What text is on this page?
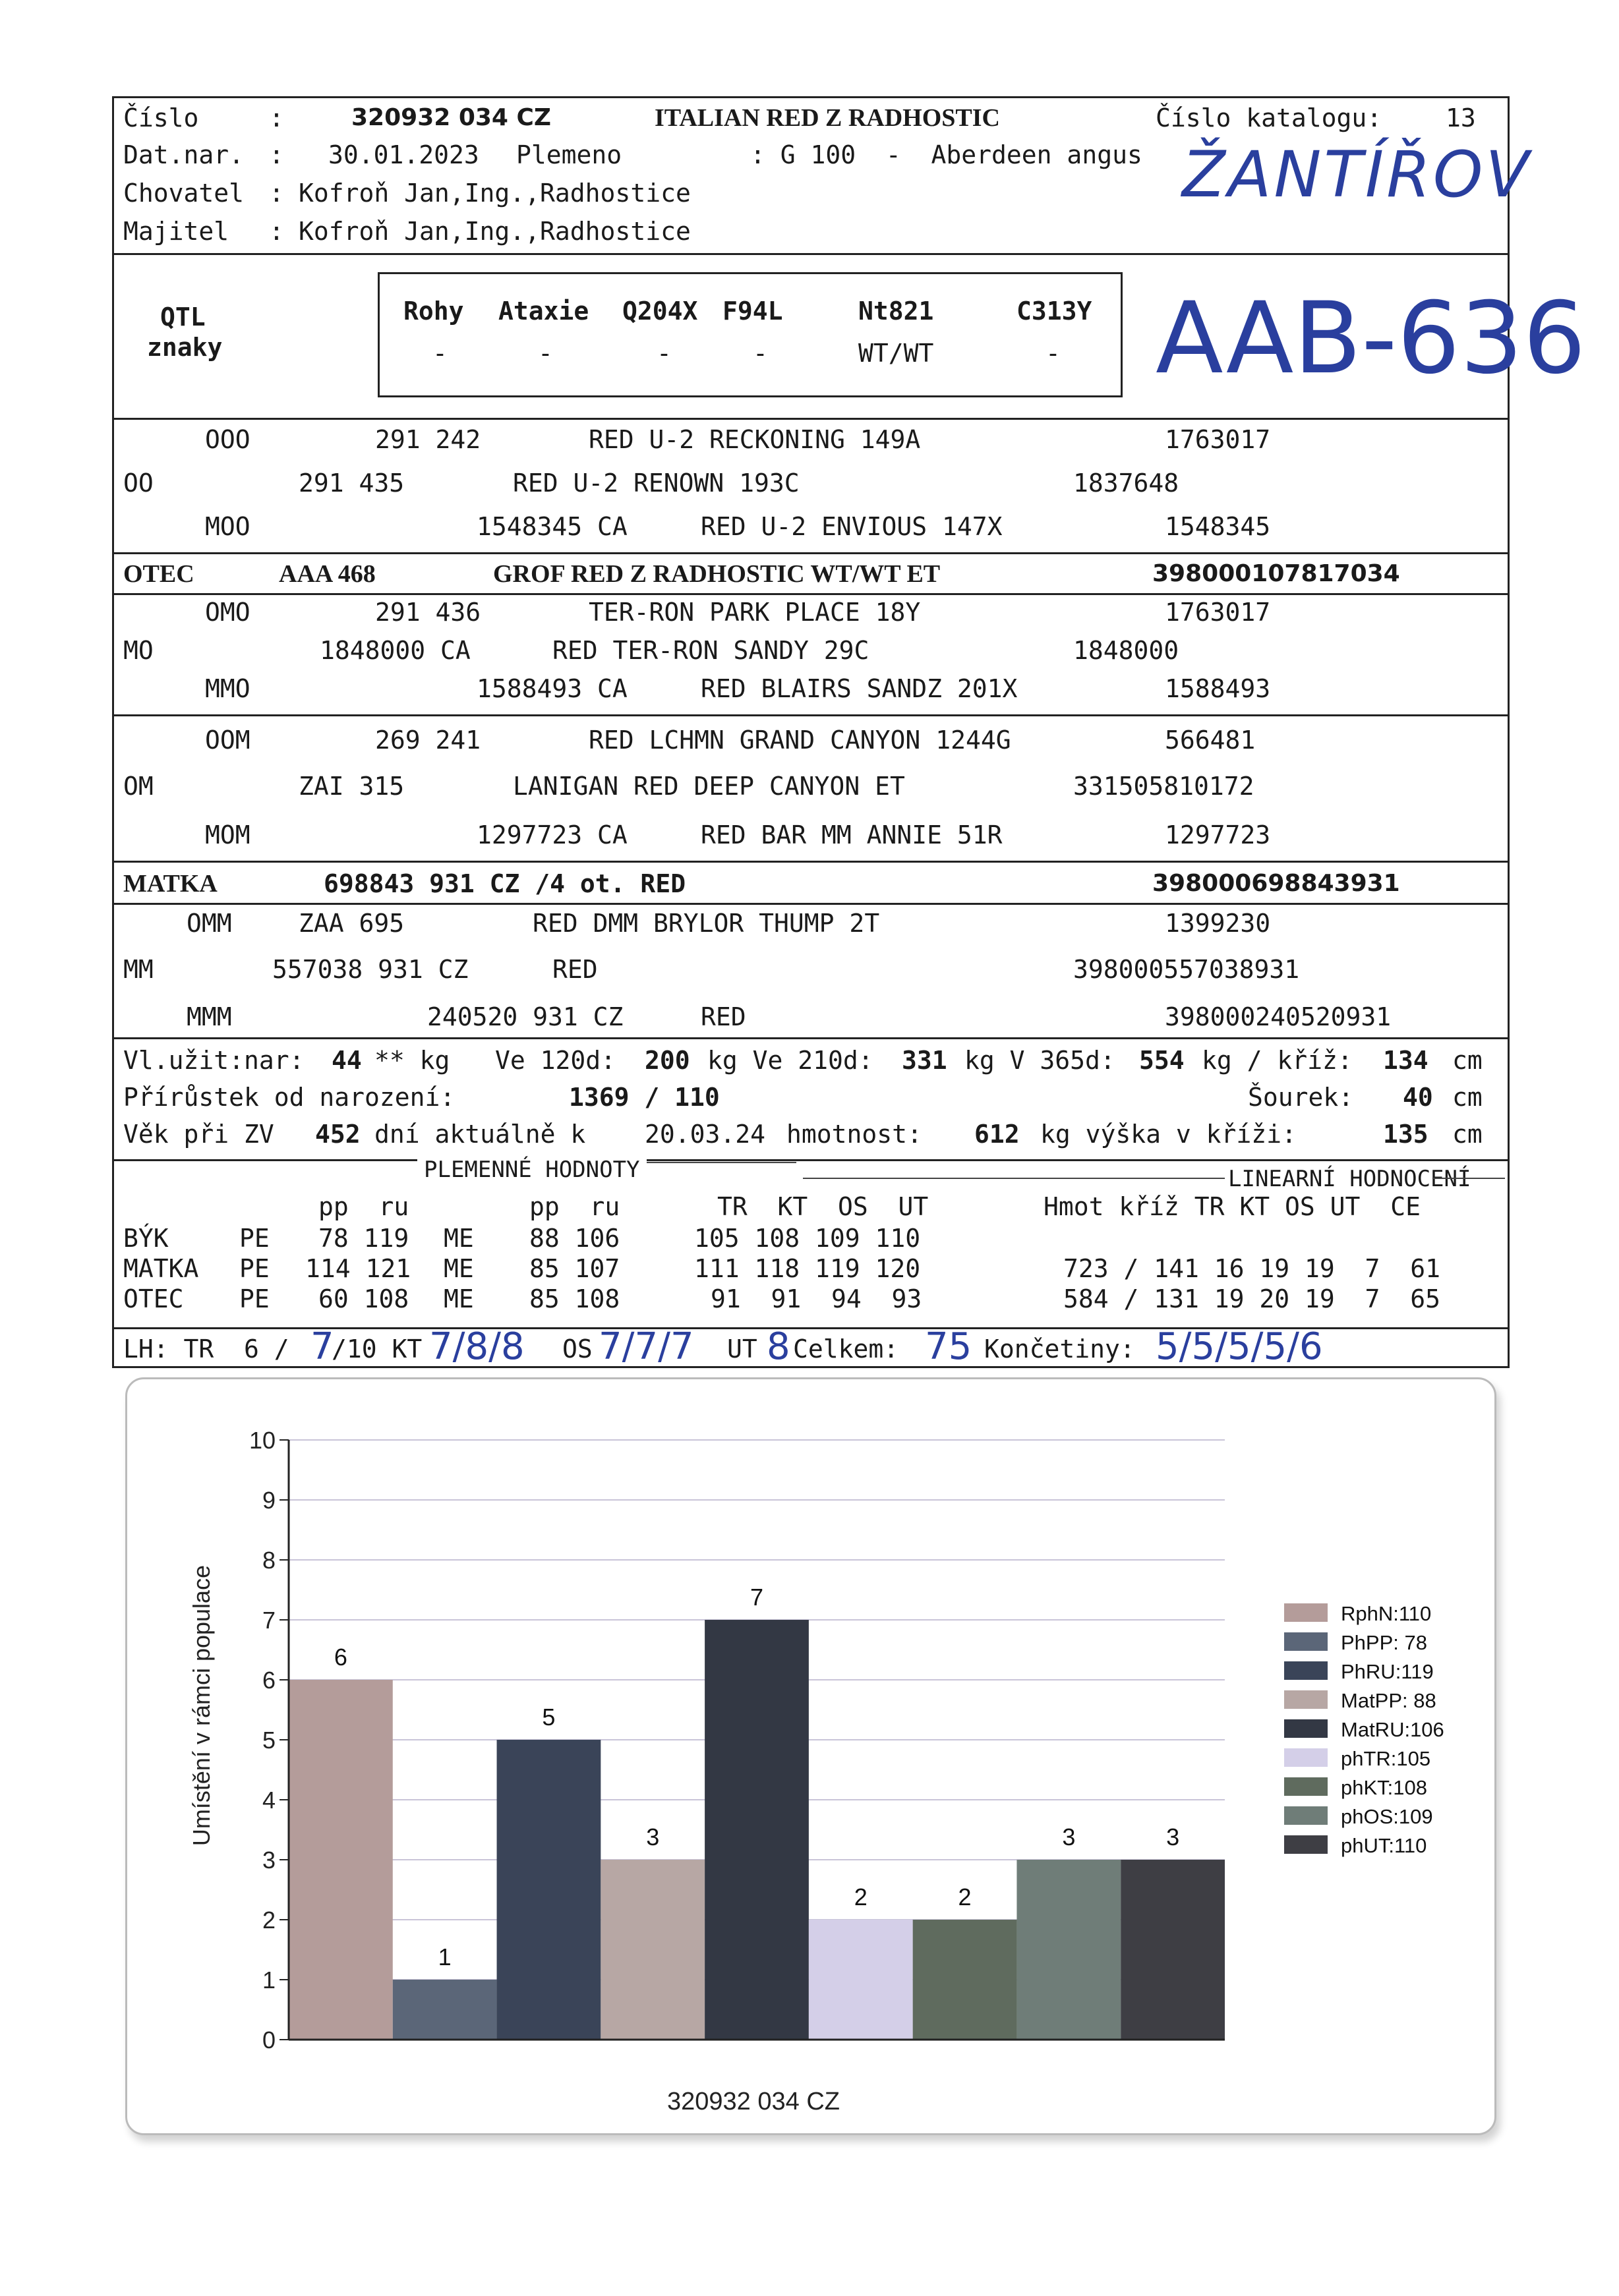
Číslo	:	320932 034 CZ	ITALIAN RED Z RADHOSTIC	Číslo katalogu:	13
Dat.nar. : 30.01.2023 Plemeno	: G 100  -  Aberdeen angus
Chovatel : Kofroň Jan,Ing.,Radhostice
Majitel : Kofroň Jan,Ing.,Radhostice
ŽANTÍŘOV
QTL
znaky
Rohy Ataxie Q204X F94L	Nt821	C313Y
-	-	-	-	WT/WT	- AAB-636
OOO	291 242	RED U-2 RECKONING 149A	1763017
OO	291 435	RED U-2 RENOWN 193C	1837648
MOO	1548345 CA	RED U-2 ENVIOUS 147X	1548345
OTEC	AAA 468	GROF RED Z RADHOSTIC WT/WT ET	398000107817034
OMO	291 436	TER-RON PARK PLACE 18Y	1763017
MO	1848000 CA	RED TER-RON SANDY 29C	1848000
MMO	1588493 CA	RED BLAIRS SANDZ 201X	1588493
OOM	269 241	RED LCHMN GRAND CANYON 1244G	566481
OM	ZAI 315	LANIGAN RED DEEP CANYON ET	331505810172
MOM	1297723 CA	RED BAR MM ANNIE 51R	1297723
MATKA	698843 931 CZ /4 ot. RED	398000698843931
OMM	ZAA 695	RED DMM BRYLOR THUMP 2T	1399230
MM	557038 931 CZ	RED	398000557038931
MMM	240520 931 CZ	RED	398000240520931
Vl.užit:nar: 44 ** kg   Ve 120d: 200 kg Ve 210d: 331 kg V 365d: 554 kg / kříž: 134 cm
Přírůstek od narození:	1369 / 110	Šourek: 40 cm
Věk při ZV 452 dní aktuálně k 20.03.24 hmotnost: 612 kg výška v kříži:	135 cm
PLEMENNÉ HODNOTY	LINEARNÍ HODNOCENÍ
pp  ru	pp  ru	TR  KT  OS  UT	Hmot kříž TR KT OS UT  CE
BÝK	PE 78 119 ME 88 106	105 108 109 110
MATKA PE 114 121 ME 85 107	111 118 119 120	723 / 141 16 19 19  7  61
OTEC PE 60 108 ME 85 108	91  91  94  93	584 / 131 19 20 19  7  65
LH: TR  6 / 7
/10 KT 7/8/8 OS 7/7/7 UT 8 Celkem: 75 Končetiny: 5/5/5/5/6
0
1
2
3
4
5
6
7
8
9
10
6
1
5
3
7
2	2
3	3
RphN:110
PhPP: 78
PhRU:119
MatPP: 88
MatRU:106
phTR:105
phKT:108
phOS:109
phUT:110
Umístění v rámci populace
320932 034 CZ
